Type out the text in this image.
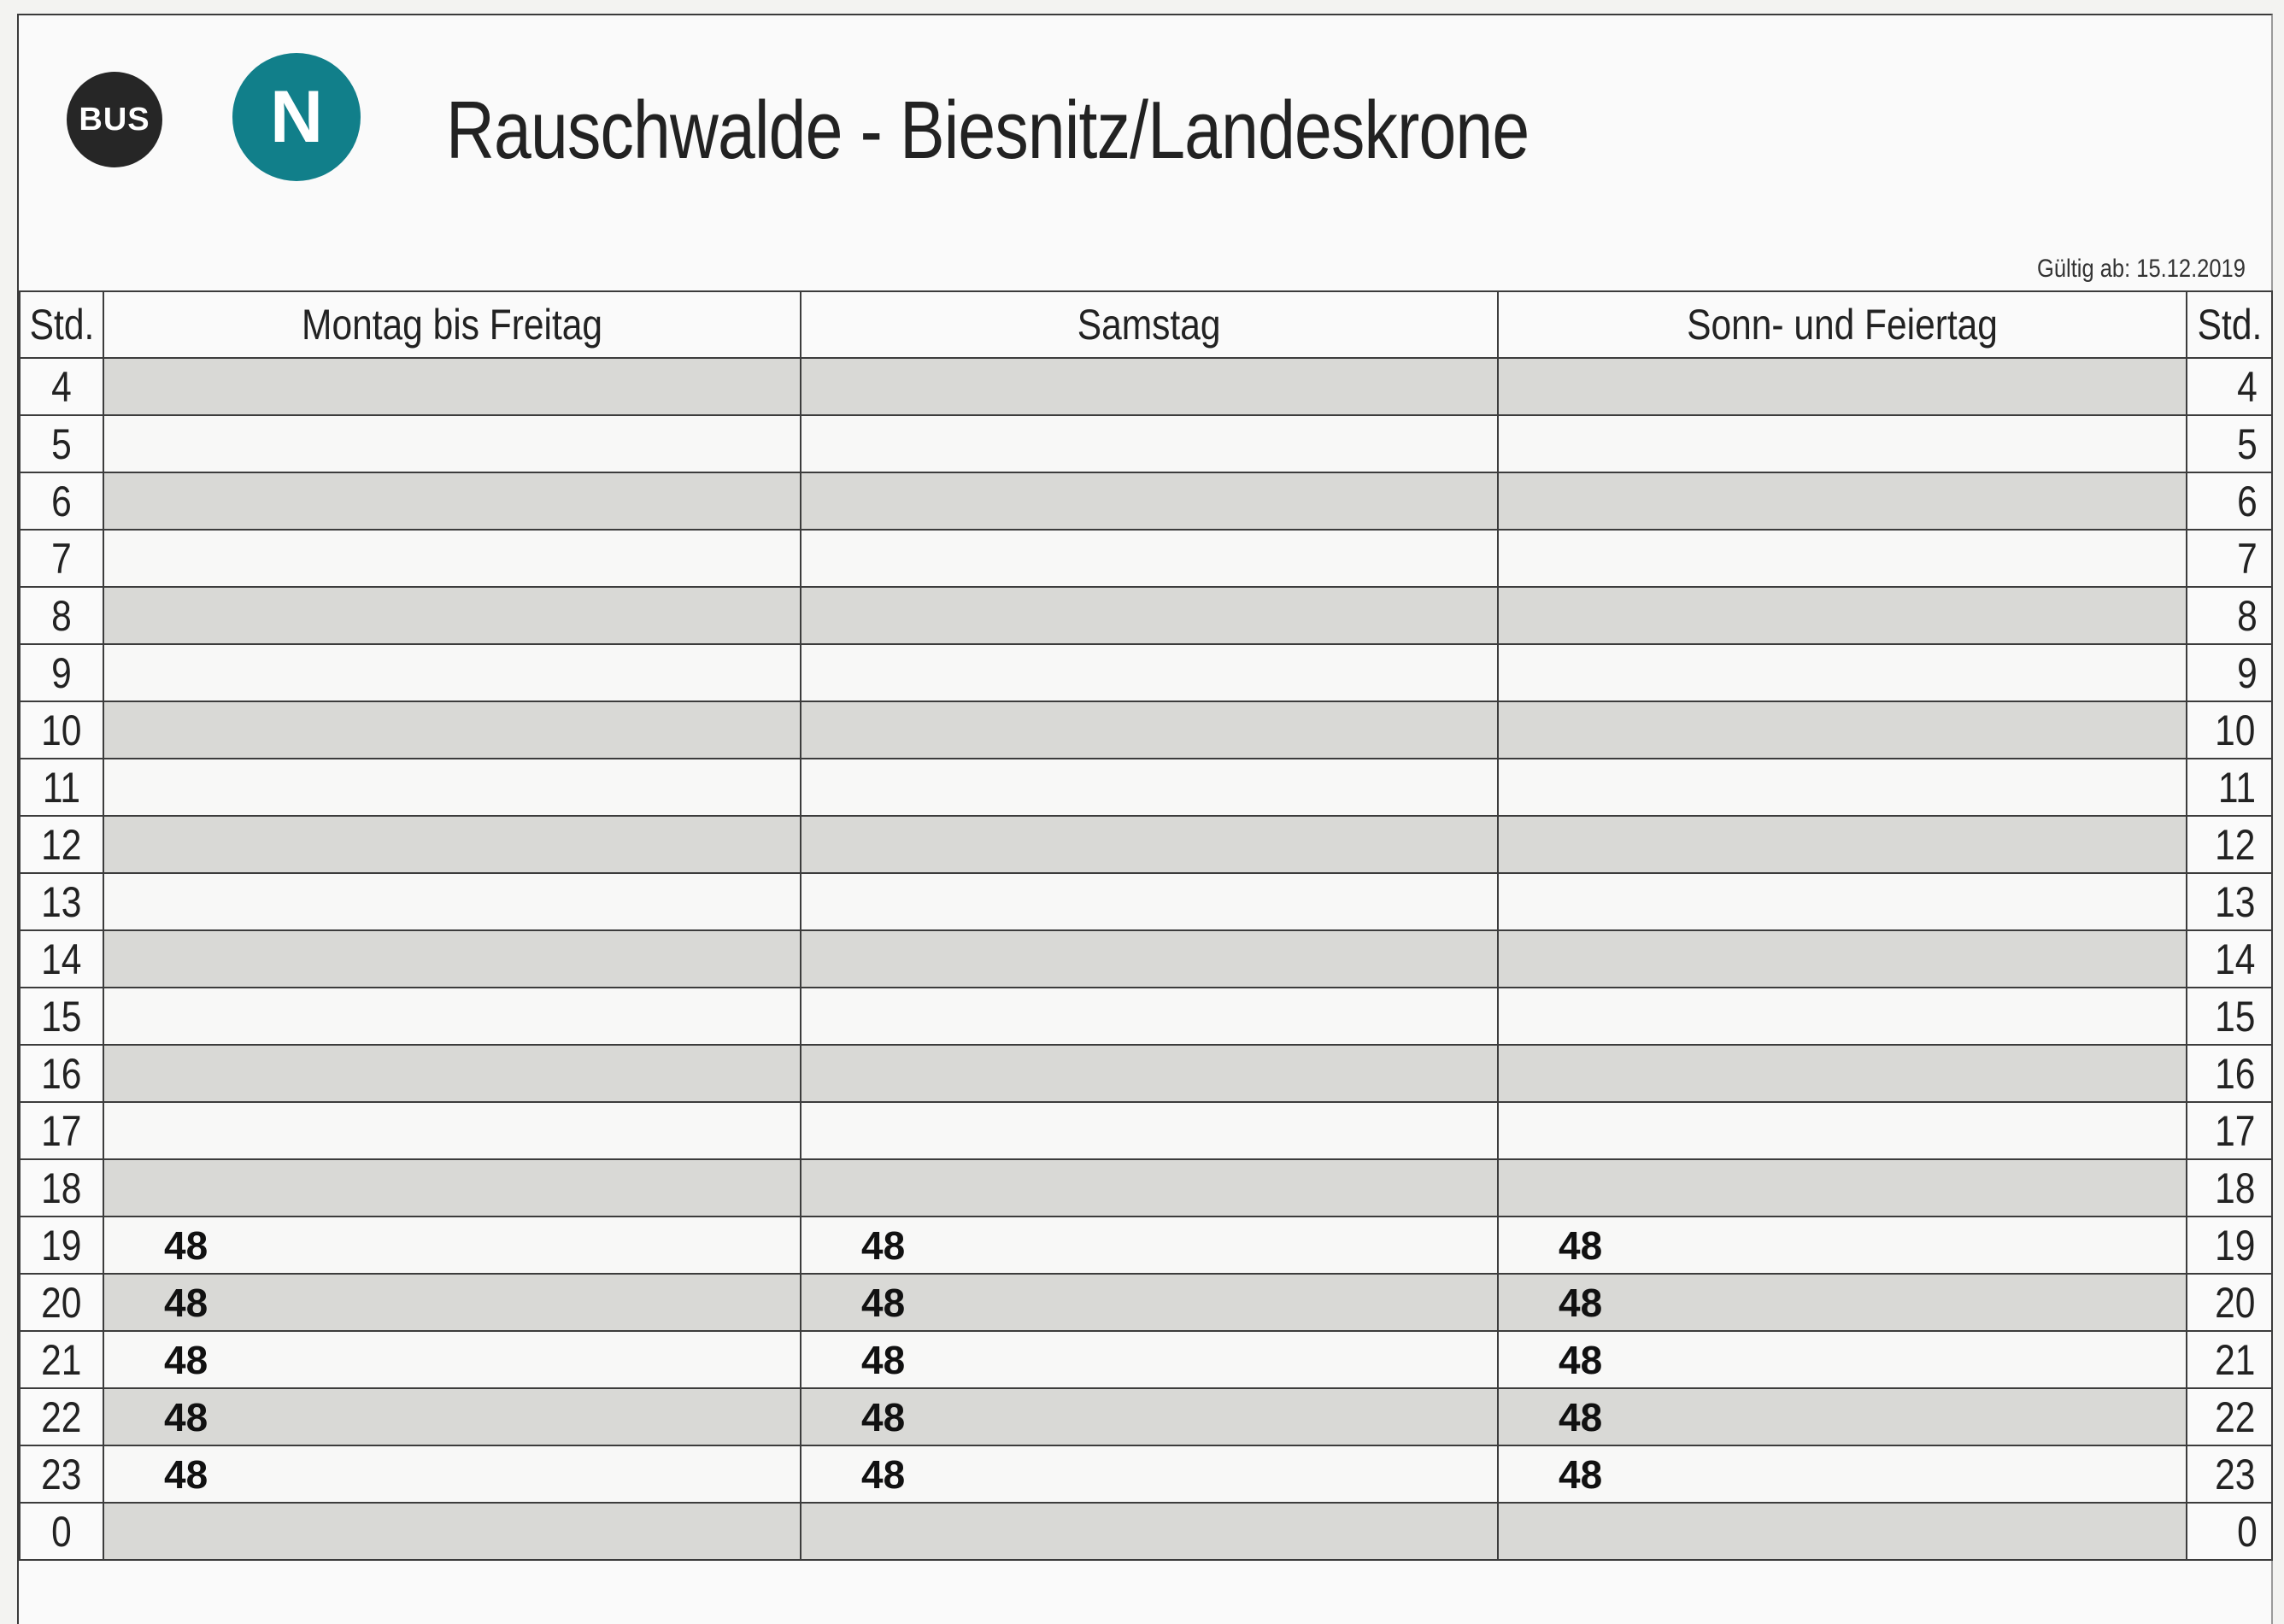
BUS N Rauschwalde - Biesnitz/Landeskrone
Gültig ab: 15.12.2019
Std.	Montag bis Freitag	Samstag	Sonn- und Feiertag	Std.
4				4
5				5
6				6
7				7
8				8
9				9
10				10
11				11
12				12
13				13
14				14
15				15
16				16
17				17
18				18
19	48	48	48	19
20	48	48	48	20
21	48	48	48	21
22	48	48	48	22
23	48	48	48	23
0				0
